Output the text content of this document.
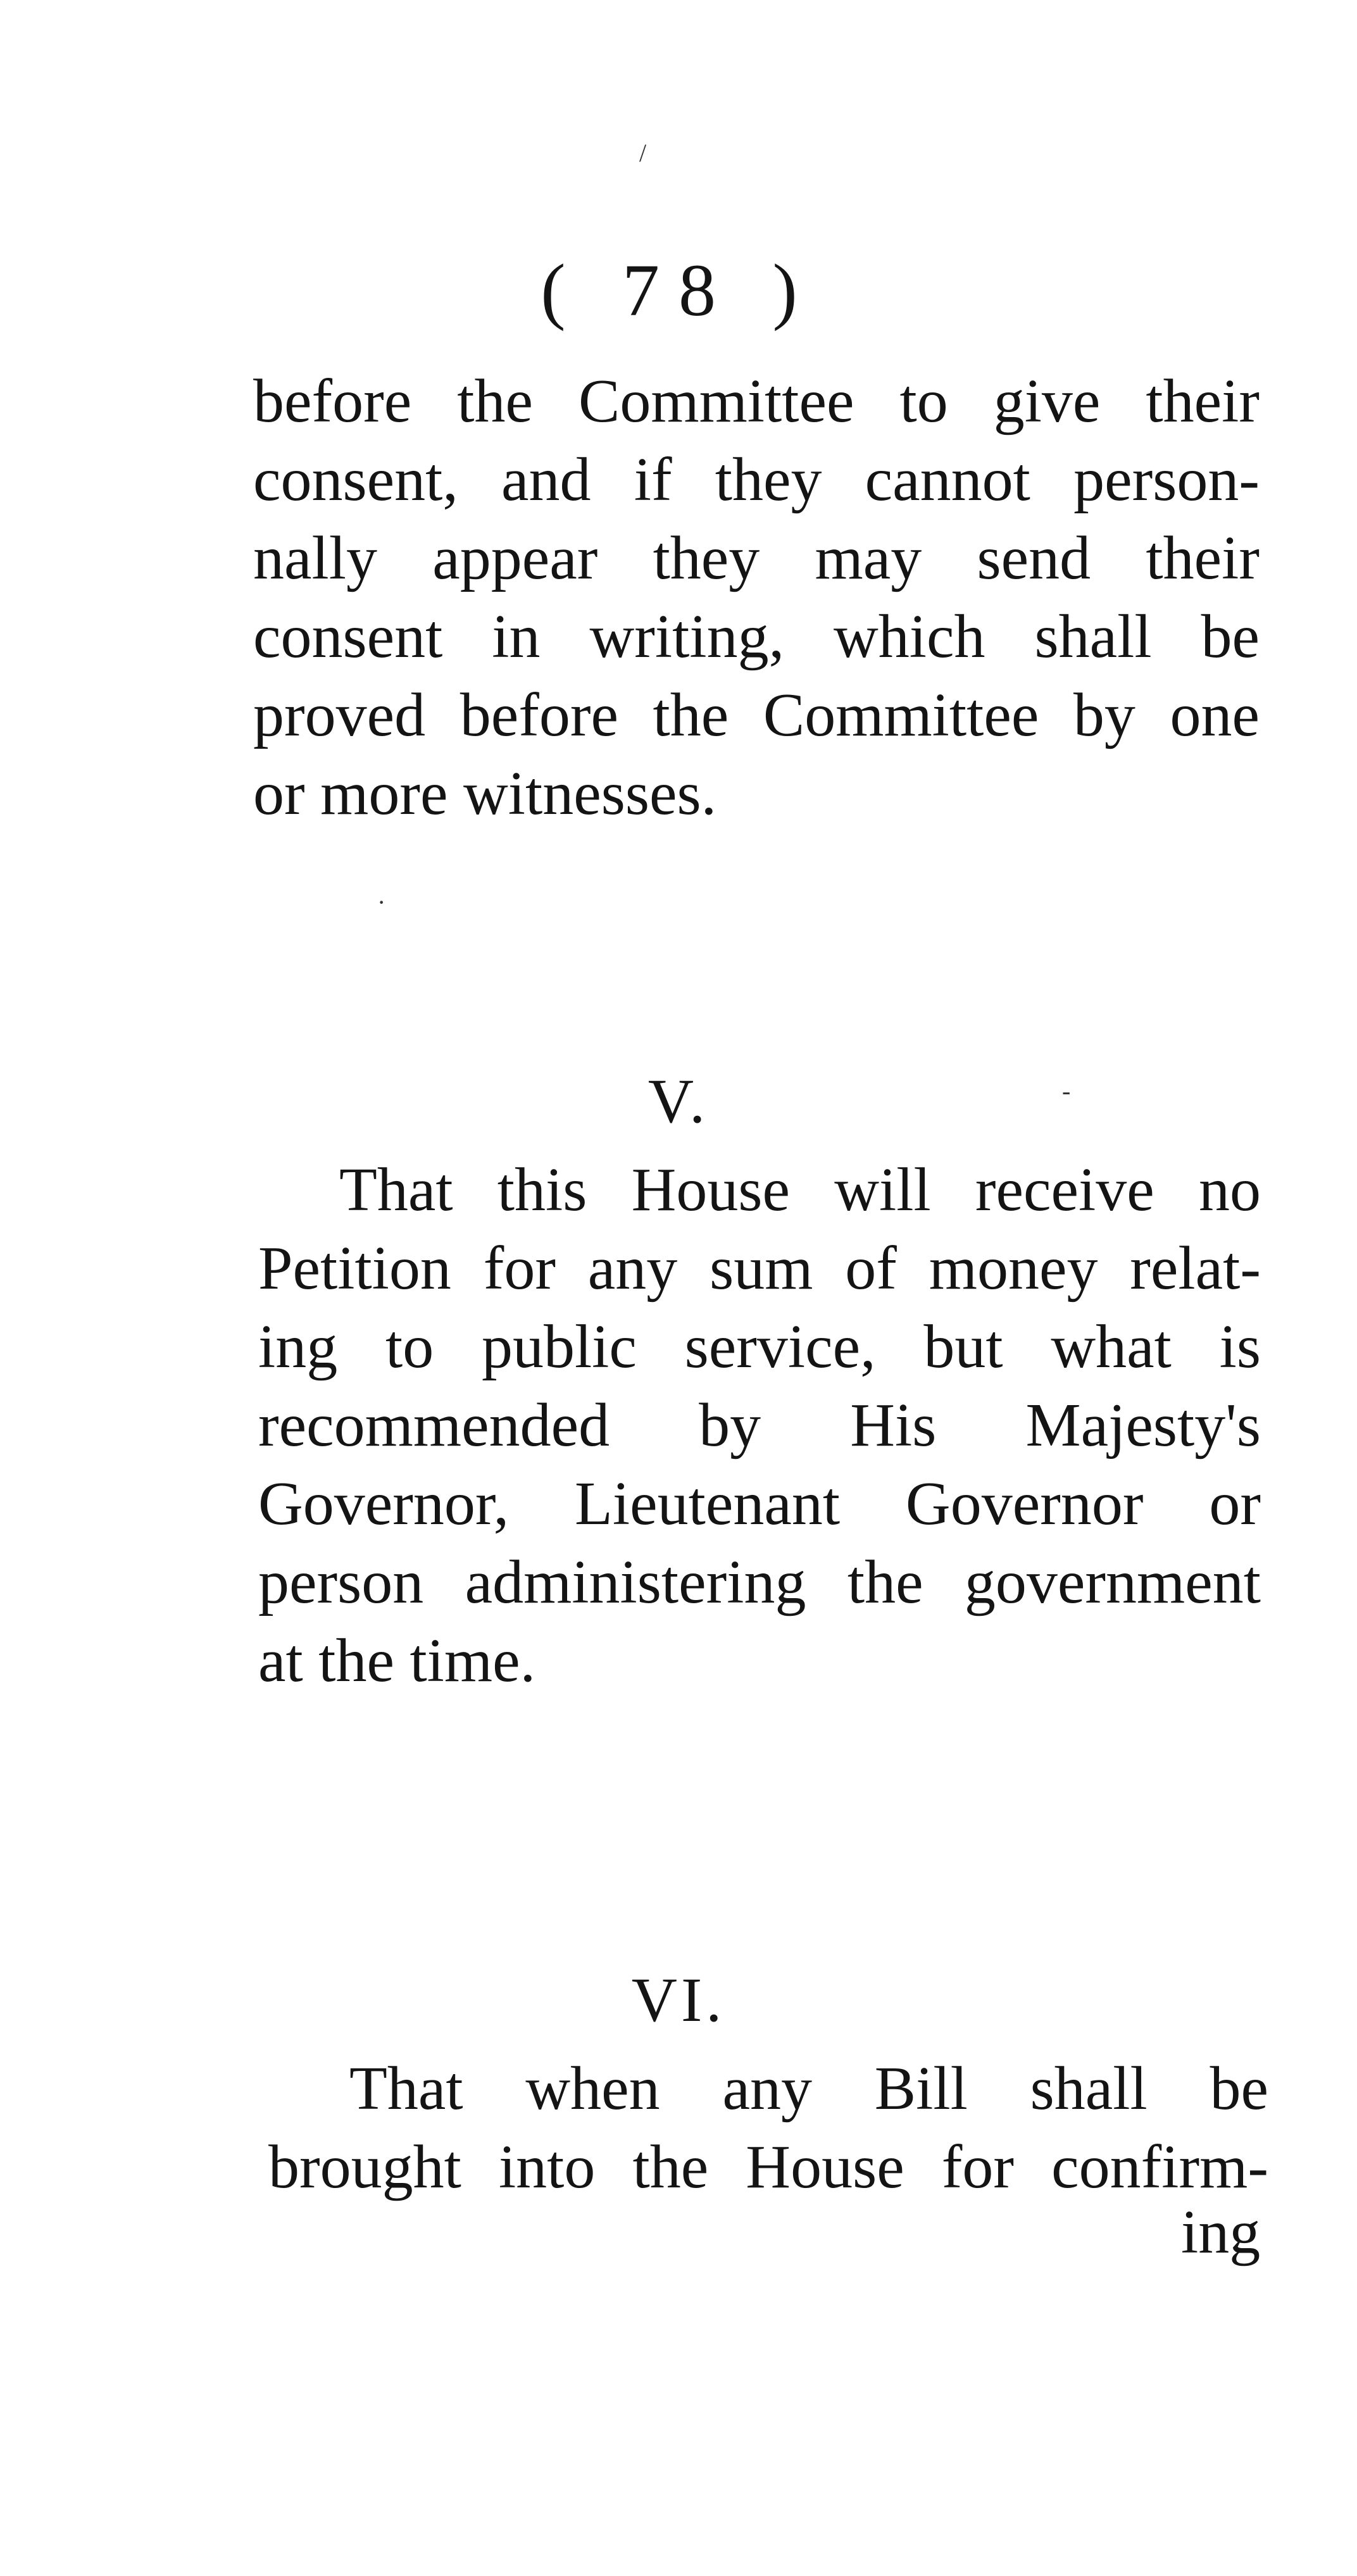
/
( 78 )
before the Committee to give their
consent, and if they cannot person-
nally appear they may send their
consent in writing, which shall be
proved before the Committee by one
or more witnesses.
·
V.	-
That this House will receive no
Petition for any sum of money relat-
ing to public service, but what is
recommended by His Majesty's
Governor, Lieutenant Governor or
person administering the government
at the time.
VI.
That when any Bill shall be
brought into the House for confirm-
ing
